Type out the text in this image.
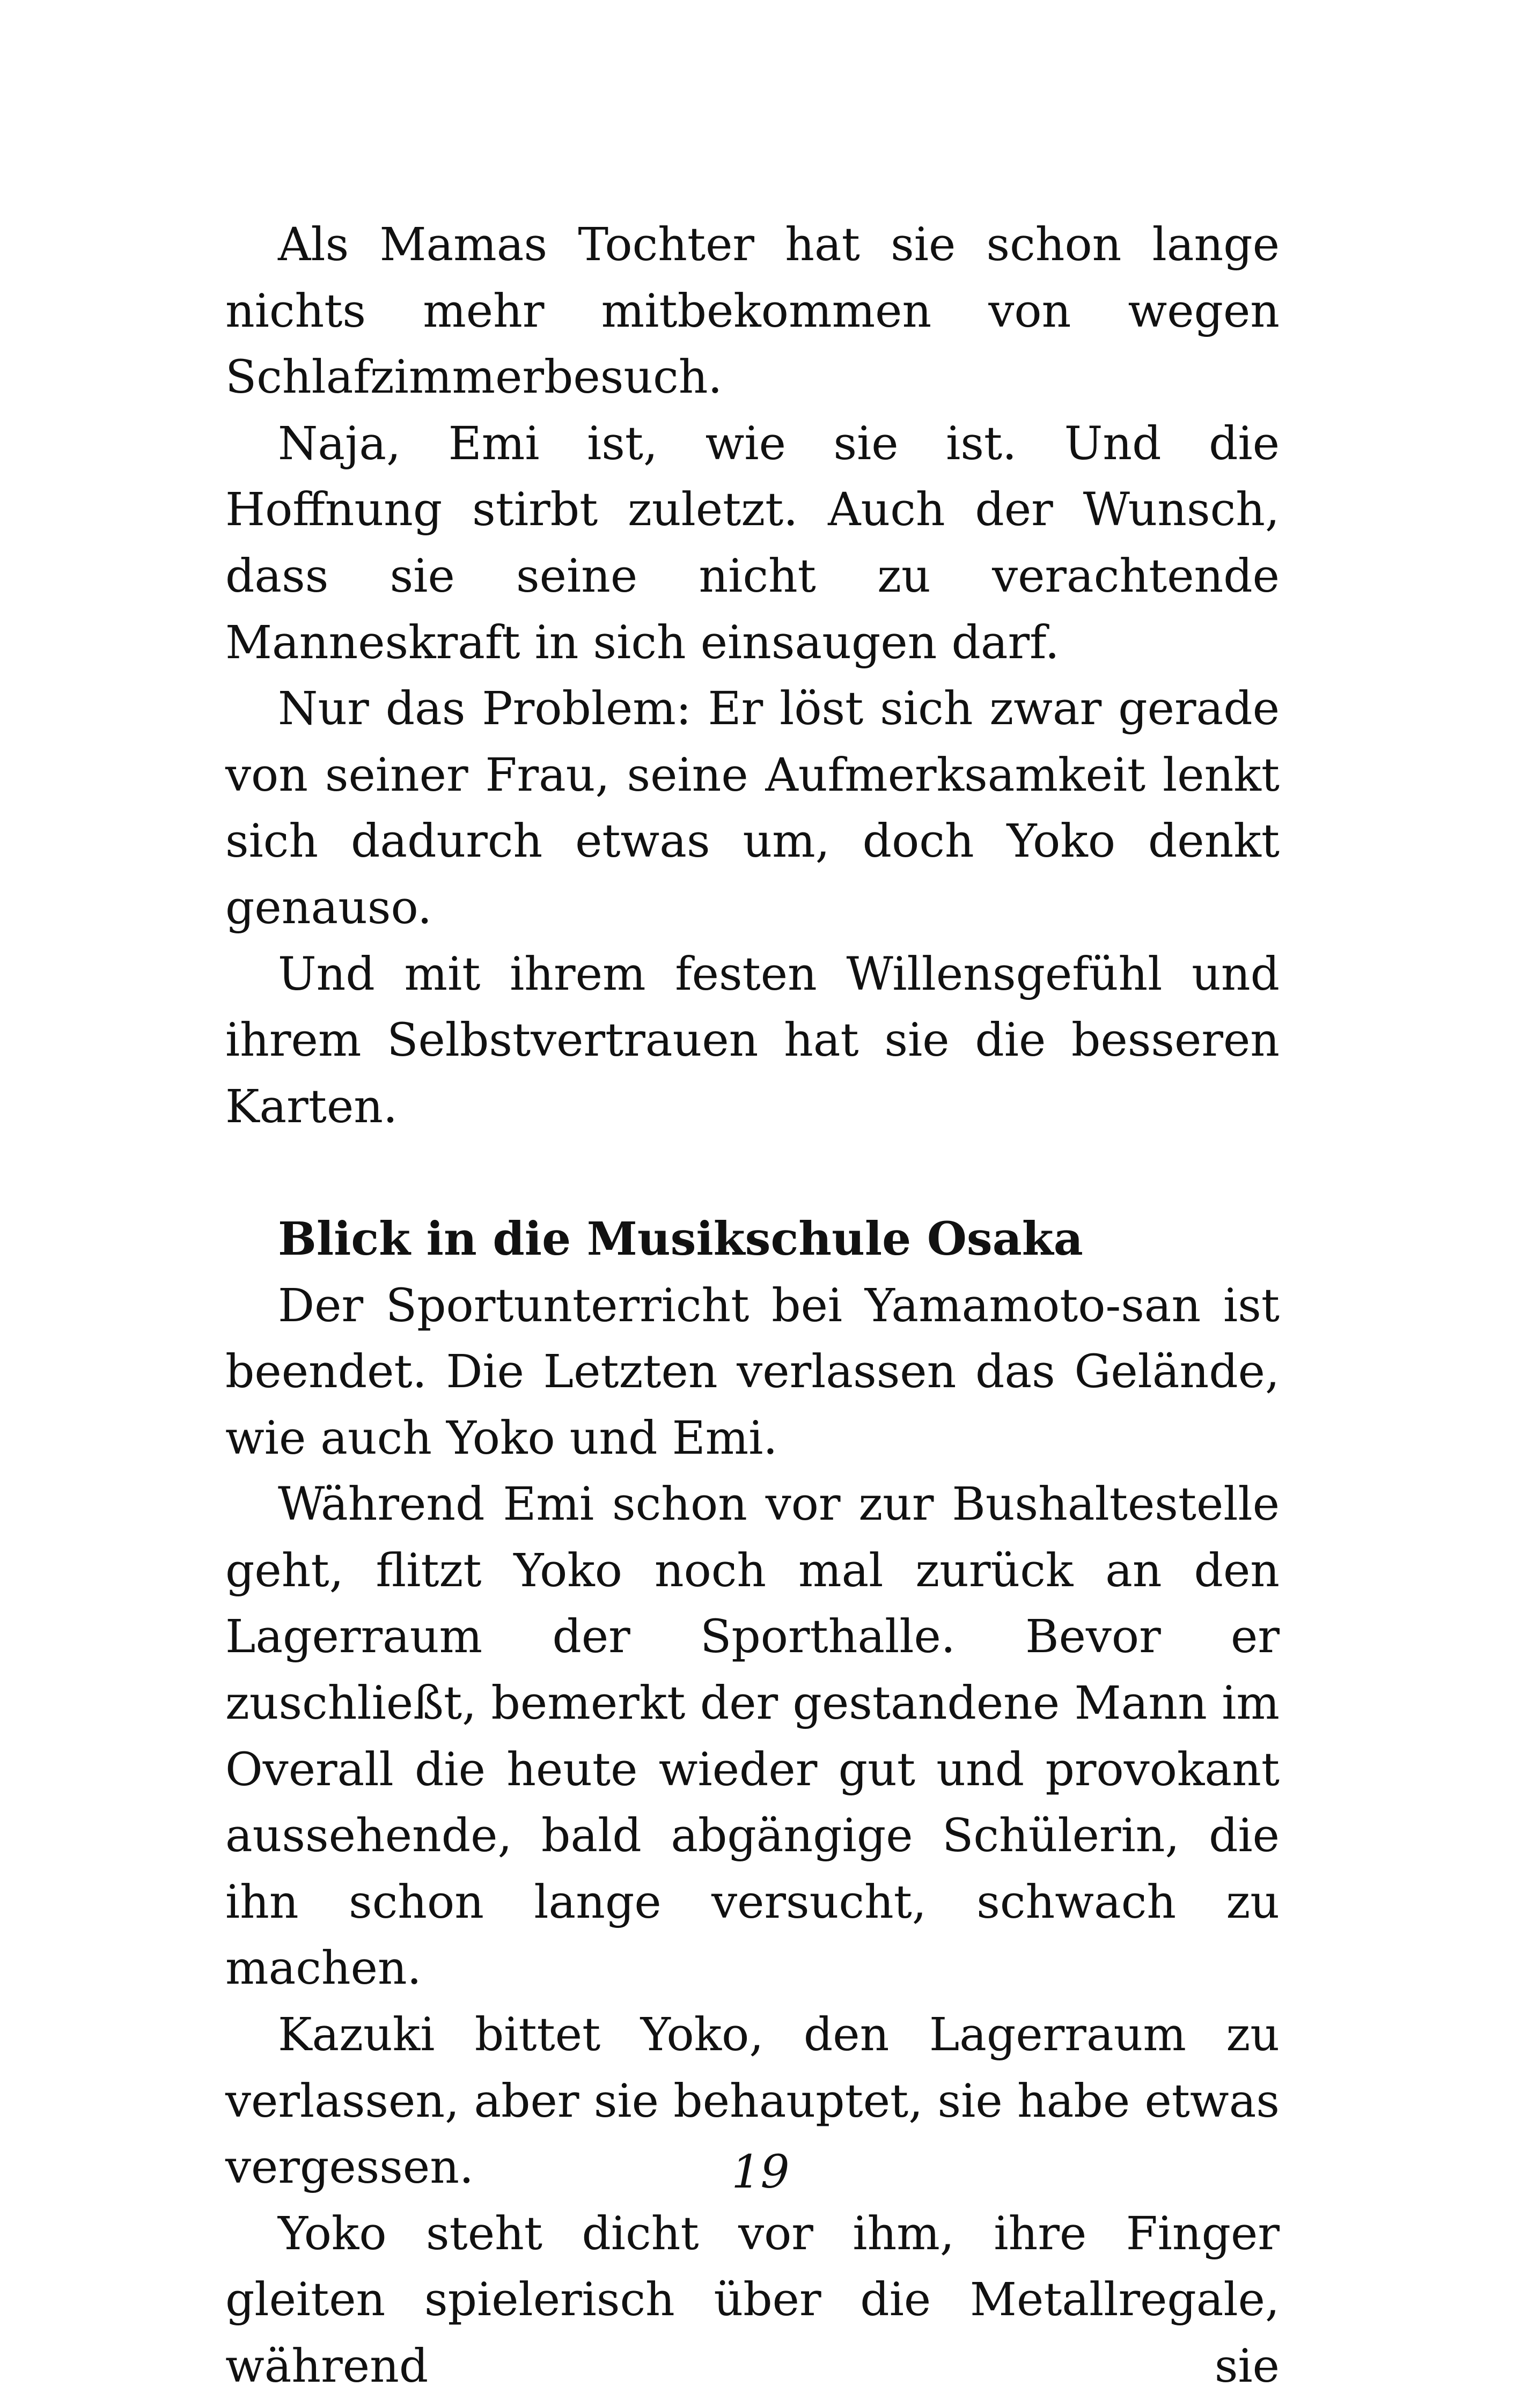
Als Mamas Tochter hat sie schon lange nichts mehr mitbekommen von wegen Schlafzimmerbesuch.

Naja, Emi ist, wie sie ist. Und die Hoffnung stirbt zuletzt. Auch der Wunsch, dass sie seine nicht zu verachtende Manneskraft in sich einsaugen darf.

Nur das Problem: Er löst sich zwar gerade von seiner Frau, seine Aufmerksamkeit lenkt sich dadurch etwas um, doch Yoko denkt genauso.

Und mit ihrem festen Willensgefühl und ihrem Selbstvertrauen hat sie die besseren Karten.

Blick in die Musikschule Osaka

Der Sportunterricht bei Yamamoto-san ist beendet. Die Letzten verlassen das Gelände, wie auch Yoko und Emi.

Während Emi schon vor zur Bushaltestelle geht, flitzt Yoko noch mal zurück an den Lagerraum der Sporthalle. Bevor er zuschließt, bemerkt der gestandene Mann im Overall die heute wieder gut und provokant aussehende, bald abgängige Schülerin, die ihn schon lange versucht, schwach zu machen.

Kazuki bittet Yoko, den Lagerraum zu verlassen, aber sie behauptet, sie habe etwas vergessen.

Yoko steht dicht vor ihm, ihre Finger gleiten spielerisch über die Metallregale, während sie

19
